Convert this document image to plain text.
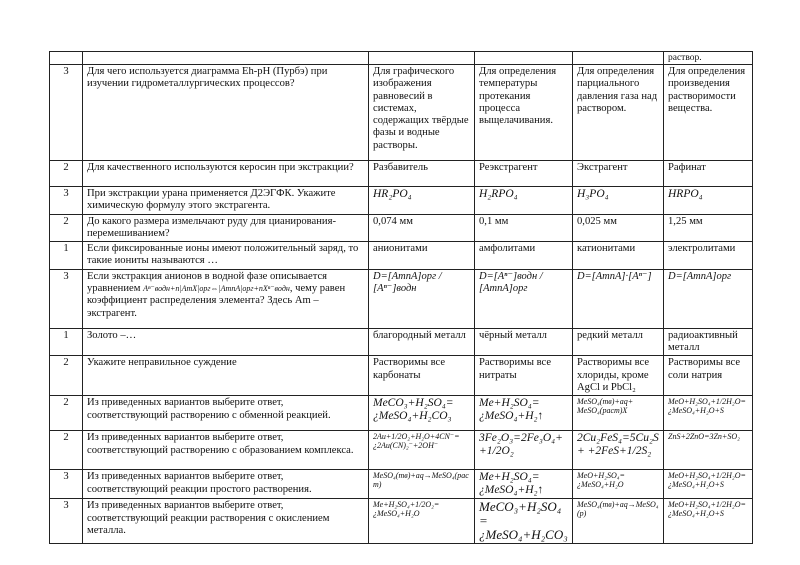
					раствор.
3	Для чего используется диаграмма Eh-pH (Пурбэ) при изучении гидрометаллургических процессов?	Для графического изображения равновесий в системах, содержащих твёрдые фазы и водные растворы.	Для определения температуры протекания процесса выщелачивания.	Для определения парциального давления газа над раствором.	Для определения произведения растворимости вещества.
2	Для качественного используются керосин при экстракции?	Разбавитель	Реэкстрагент	Экстрагент	Рафинат
3	При экстракции урана применяется Д2ЭГФК. Укажите химическую формулу этого экстрагента.	HR₂PO₄	H₂RPO₄	H₃PO₄	HRPO₄
2	До какого размера измельчают руду для цианирования-перемешиванием?	0,074 мм	0,1 мм	0,025 мм	1,25 мм
1	Если фиксированные ионы имеют положительный заряд, то такие иониты называются …	анионитами	амфолитами	катионитами	электролитами
3	Если экстракция анионов в водной фазе описывается уравнением Aⁿ⁻водн+n|AmX|орг⇔|AmnA|орг+nXⁿ⁻водн, чему равен коэффициент распределения элемента? Здесь Am – экстрагент.	D=[AmnA]орг / [Aⁿ⁻]водн	D=[Aⁿ⁻]водн / [AmnA]орг	D=[AmnA]·[Aⁿ⁻]	D=[AmnA]орг
1	Золото –…	благородный металл	чёрный металл	редкий металл	радиоактивный металл
2	Укажите неправильное суждение	Растворимы все карбонаты	Растворимы все нитраты	Растворимы все хлориды, кроме AgCl и PbCl₂	Растворимы все соли натрия
2	Из приведенных вариантов выберите ответ, соответствующий растворению с обменной реакцией.	MeCO₃+H₂SO₄= ¿MeSO₄+H₂CO₃	Me+H₂SO₄= ¿MeSO₄+H₂↑	MeSO₄(тв)+aq+ MeSO₄(раст)X	MeO+H₂SO₄+1/2H₂O= ¿MeSO₄+H₂O+S
2	Из приведенных вариантов выберите ответ, соответствующий растворению с образованием комплекса.	2Au+1/2O₂+H₂O+4CN⁻= ¿2Au(CN)₂⁻+2OH⁻	3Fe₂O₃=2Fe₃O₄+ +1/2O₂	2Cu₂FeS₄=5Cu₂S+ +2FeS+1/2S₂	ZnS+2ZnO=3Zn+SO₂
3	Из приведенных вариантов выберите ответ, соответствующий реакции простого растворения.	MeSO₄(тв)+aq→MeSO₄(раст)	Me+H₂SO₄= ¿MeSO₄+H₂↑	MeO+H₂SO₄= ¿MeSO₄+H₂O	MeO+H₂SO₄+1/2H₂O= ¿MeSO₄+H₂O+S
3	Из приведенных вариантов выберите ответ, соответствующий реакции растворения с окислением металла.	Me+H₂SO₄+1/2O₂= ¿MeSO₄+H₂O	MeCO₃+H₂SO₄= ¿MeSO₄+H₂CO₃	MeSO₄(тв)+aq→MeSO₄(р)	MeO+H₂SO₄+1/2H₂O= ¿MeSO₄+H₂O+S
